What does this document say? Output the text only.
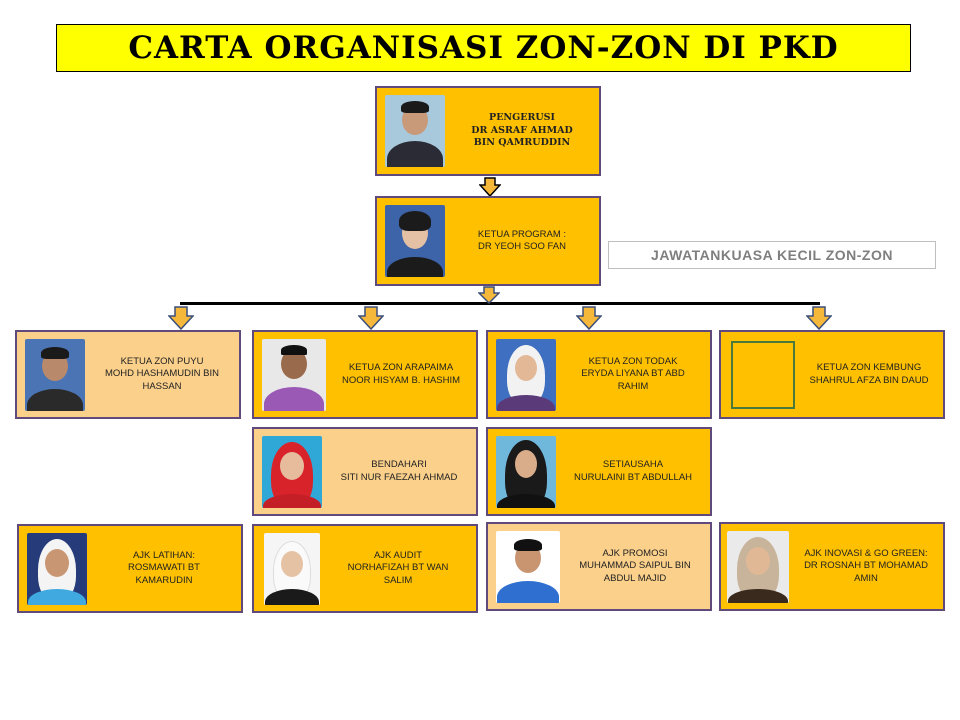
CARTA ORGANISASI ZON-ZON DI PKD
PENGERUSI
DR ASRAF AHMAD
BIN QAMRUDDIN
KETUA PROGRAM :
DR YEOH SOO FAN
JAWATANKUASA KECIL ZON-ZON
KETUA ZON PUYU
MOHD HASHAMUDIN BIN
HASSAN
KETUA ZON ARAPAIMA
NOOR HISYAM B. HASHIM
KETUA ZON TODAK
ERYDA LIYANA BT ABD
RAHIM
KETUA ZON KEMBUNG
SHAHRUL AFZA BIN DAUD
BENDAHARI
SITI NUR FAEZAH AHMAD
SETIAUSAHA
NURULAINI BT ABDULLAH
AJK LATIHAN:
ROSMAWATI BT
KAMARUDIN
AJK AUDIT
NORHAFIZAH BT WAN
SALIM
AJK PROMOSI
MUHAMMAD SAIPUL BIN
ABDUL MAJID
AJK INOVASI & GO GREEN:
DR ROSNAH BT MOHAMAD
AMIN
